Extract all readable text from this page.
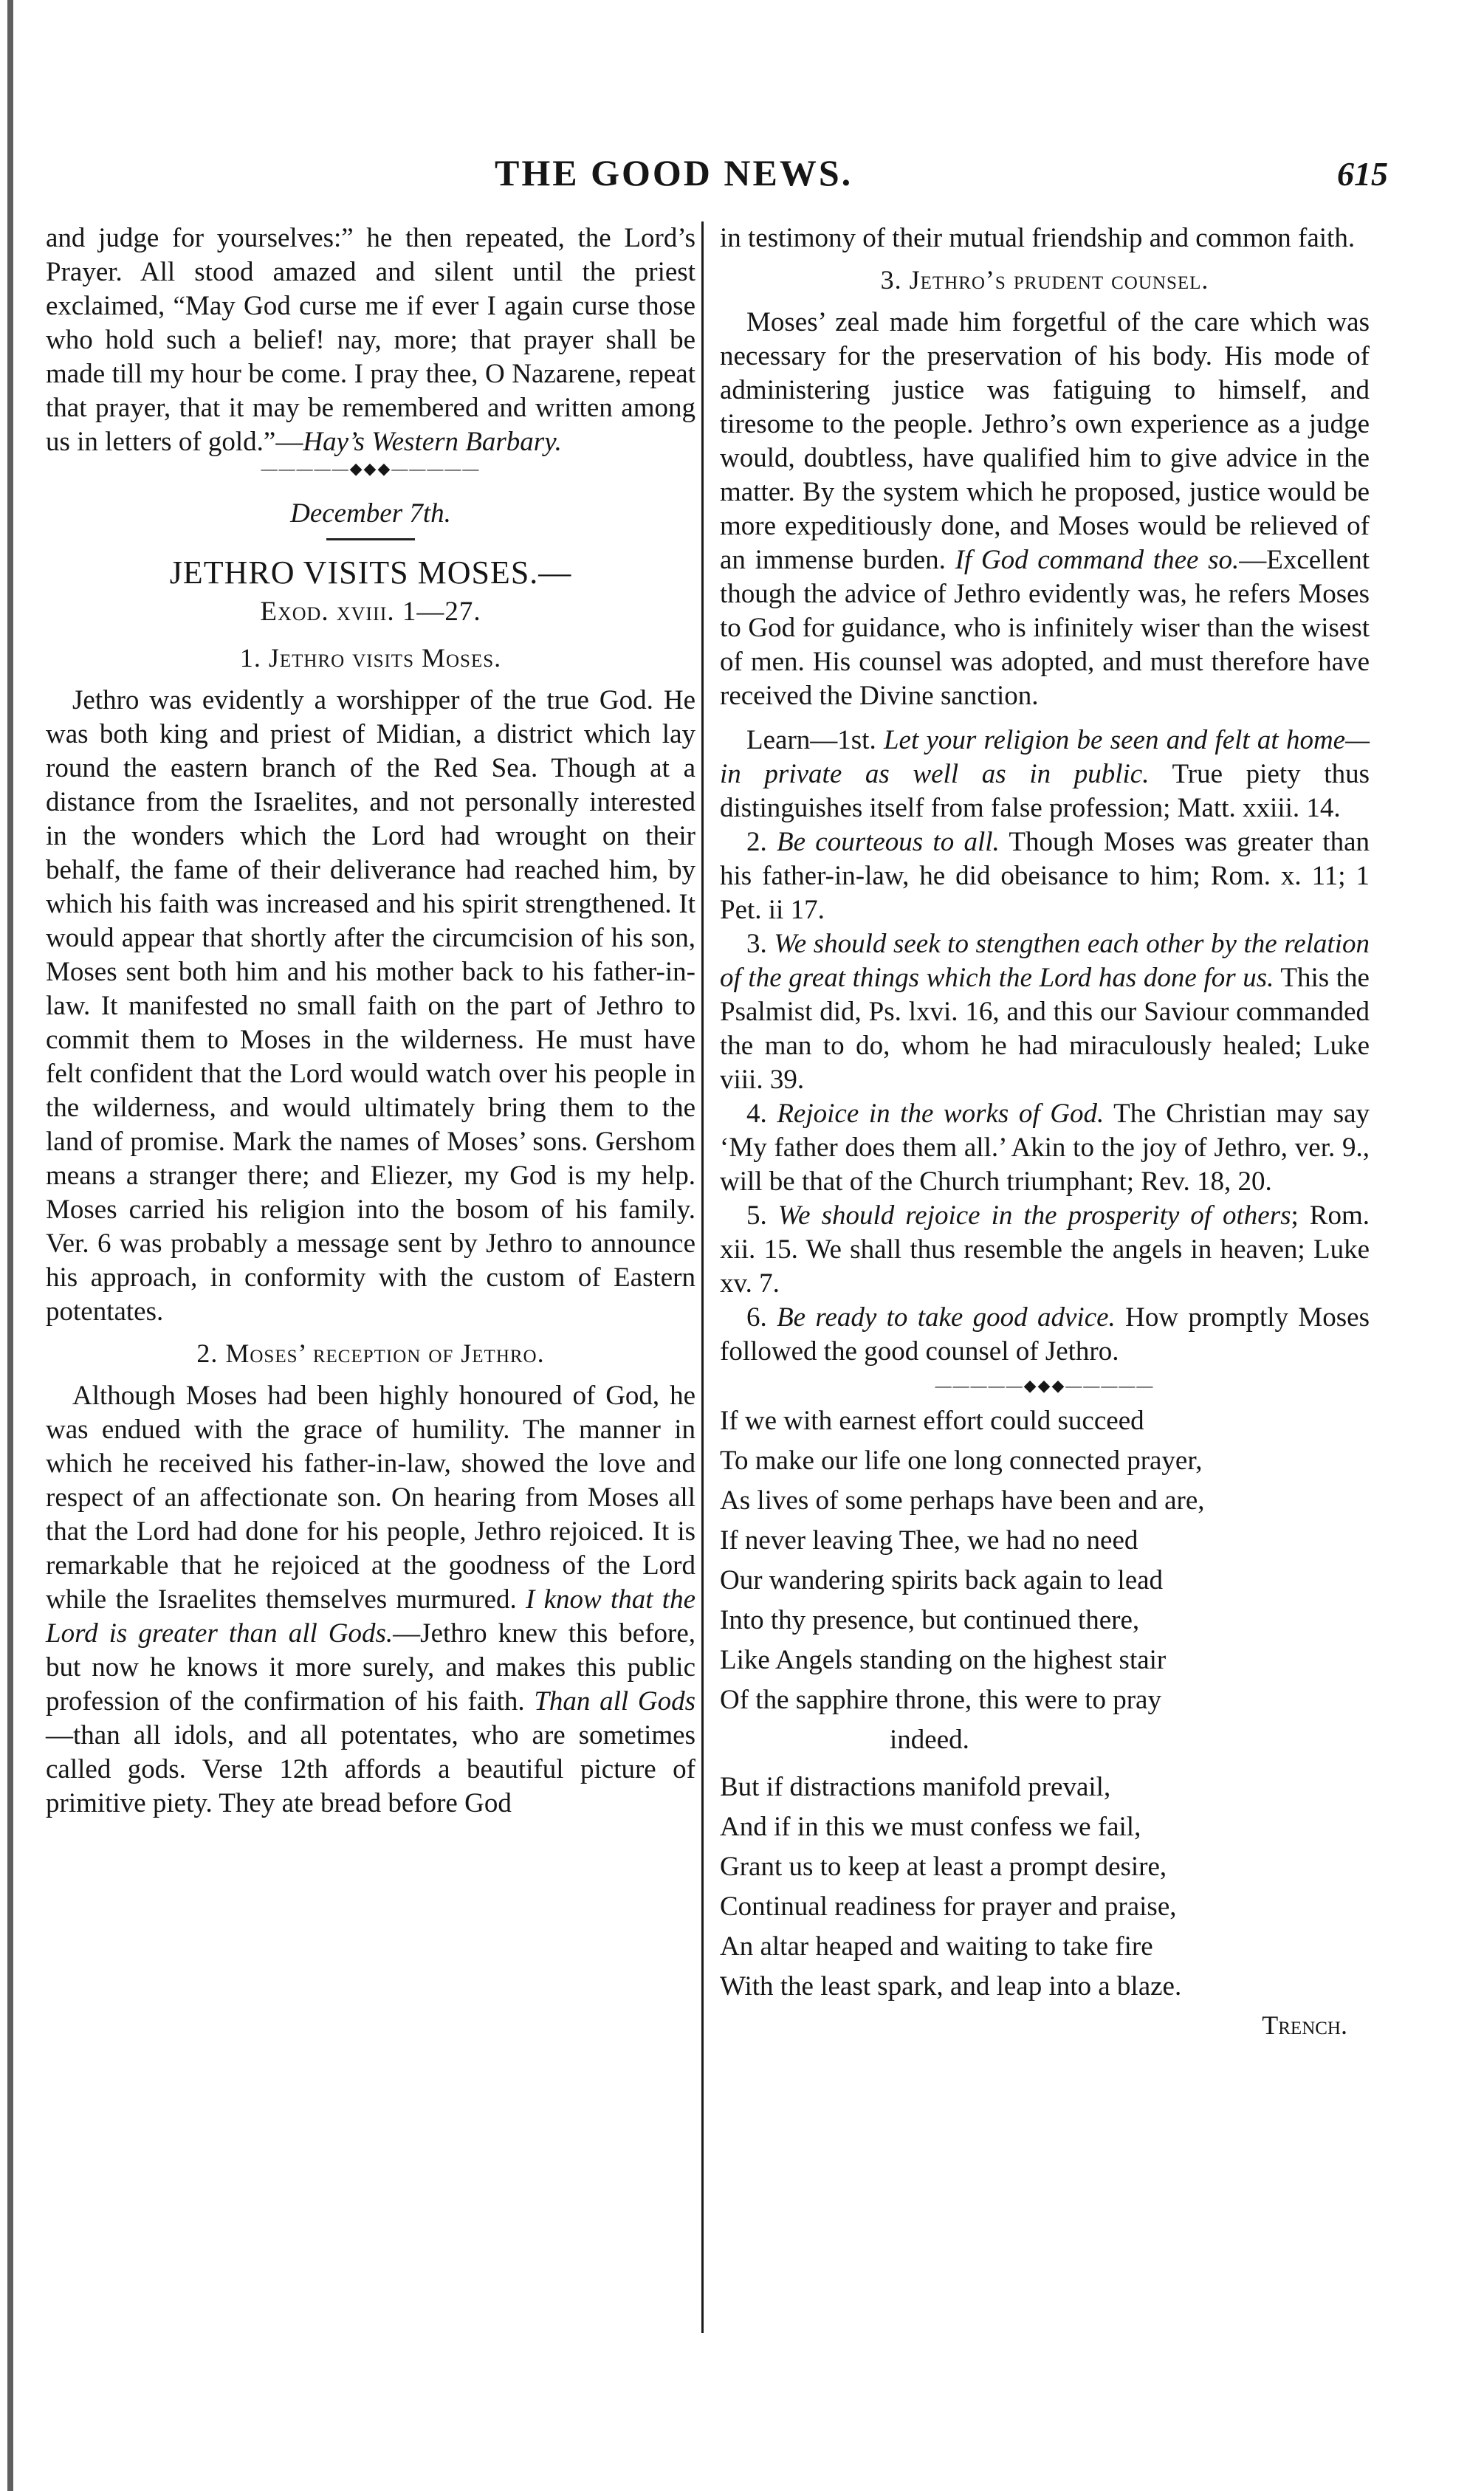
THE GOOD NEWS.	615

and judge for yourselves:” he then repeated, the Lord’s Prayer. All stood amazed and silent until the priest exclaimed, “May God curse me if ever I again curse those who hold such a belief! nay, more; that prayer shall be made till my hour be come. I pray thee, O Nazarene, repeat that prayer, that it may be remembered and written among us in letters of gold.”—Hay’s Western Barbary.

—————◆◆◆—————
December 7th.
JETHRO VISITS MOSES.—
Exod. xviii. 1—27.
1. Jethro visits Moses.

Jethro was evidently a worshipper of the true God. He was both king and priest of Midian, a district which lay round the eastern branch of the Red Sea. Though at a distance from the Israelites, and not personally interested in the wonders which the Lord had wrought on their behalf, the fame of their deliverance had reached him, by which his faith was increased and his spirit strengthened. It would appear that shortly after the circumcision of his son, Moses sent both him and his mother back to his father-in-law. It manifested no small faith on the part of Jethro to commit them to Moses in the wilderness. He must have felt confident that the Lord would watch over his people in the wilderness, and would ultimately bring them to the land of promise. Mark the names of Moses’ sons. Gershom means a stranger there; and Eliezer, my God is my help. Moses carried his religion into the bosom of his family. Ver. 6 was probably a message sent by Jethro to announce his approach, in conformity with the custom of Eastern potentates.

2. Moses’ reception of Jethro.

Although Moses had been highly honoured of God, he was endued with the grace of humility. The manner in which he received his father-in-law, showed the love and respect of an affectionate son. On hearing from Moses all that the Lord had done for his people, Jethro rejoiced. It is remarkable that he rejoiced at the goodness of the Lord while the Israelites themselves murmured. I know that the Lord is greater than all Gods.—Jethro knew this before, but now he knows it more surely, and makes this public profession of the confirmation of his faith. Than all Gods—than all idols, and all potentates, who are sometimes called gods. Verse 12th affords a beautiful picture of primitive piety. They ate bread before God

in testimony of their mutual friendship and common faith.

3. Jethro’s prudent counsel.

Moses’ zeal made him forgetful of the care which was necessary for the preservation of his body. His mode of administering justice was fatiguing to himself, and tiresome to the people. Jethro’s own experience as a judge would, doubtless, have qualified him to give advice in the matter. By the system which he proposed, justice would be more expeditiously done, and Moses would be relieved of an immense burden. If God command thee so.—Excellent though the advice of Jethro evidently was, he refers Moses to God for guidance, who is infinitely wiser than the wisest of men. His counsel was adopted, and must therefore have received the Divine sanction.

Learn—1st. Let your religion be seen and felt at home—in private as well as in public. True piety thus distinguishes itself from false profession; Matt. xxiii. 14.

2. Be courteous to all. Though Moses was greater than his father-in-law, he did obeisance to him; Rom. x. 11; 1 Pet. ii 17.

3. We should seek to stengthen each other by the relation of the great things which the Lord has done for us. This the Psalmist did, Ps. lxvi. 16, and this our Saviour commanded the man to do, whom he had miraculously healed; Luke viii. 39.

4. Rejoice in the works of God. The Christian may say ‘My father does them all.’ Akin to the joy of Jethro, ver. 9., will be that of the Church triumphant; Rev. 18, 20.

5. We should rejoice in the prosperity of others; Rom. xii. 15. We shall thus resemble the angels in heaven; Luke xv. 7.

6. Be ready to take good advice. How promptly Moses followed the good counsel of Jethro.

—————◆◆◆—————

If we with earnest effort could succeed

To make our life one long connected prayer,

As lives of some perhaps have been and are,

If never leaving Thee, we had no need

Our wandering spirits back again to lead

Into thy presence, but continued there,

Like Angels standing on the highest stair

Of the sapphire throne, this were to pray

indeed.

But if distractions manifold prevail,

And if in this we must confess we fail,

Grant us to keep at least a prompt desire,

Continual readiness for prayer and praise,

An altar heaped and waiting to take fire

With the least spark, and leap into a blaze.

Trench.
